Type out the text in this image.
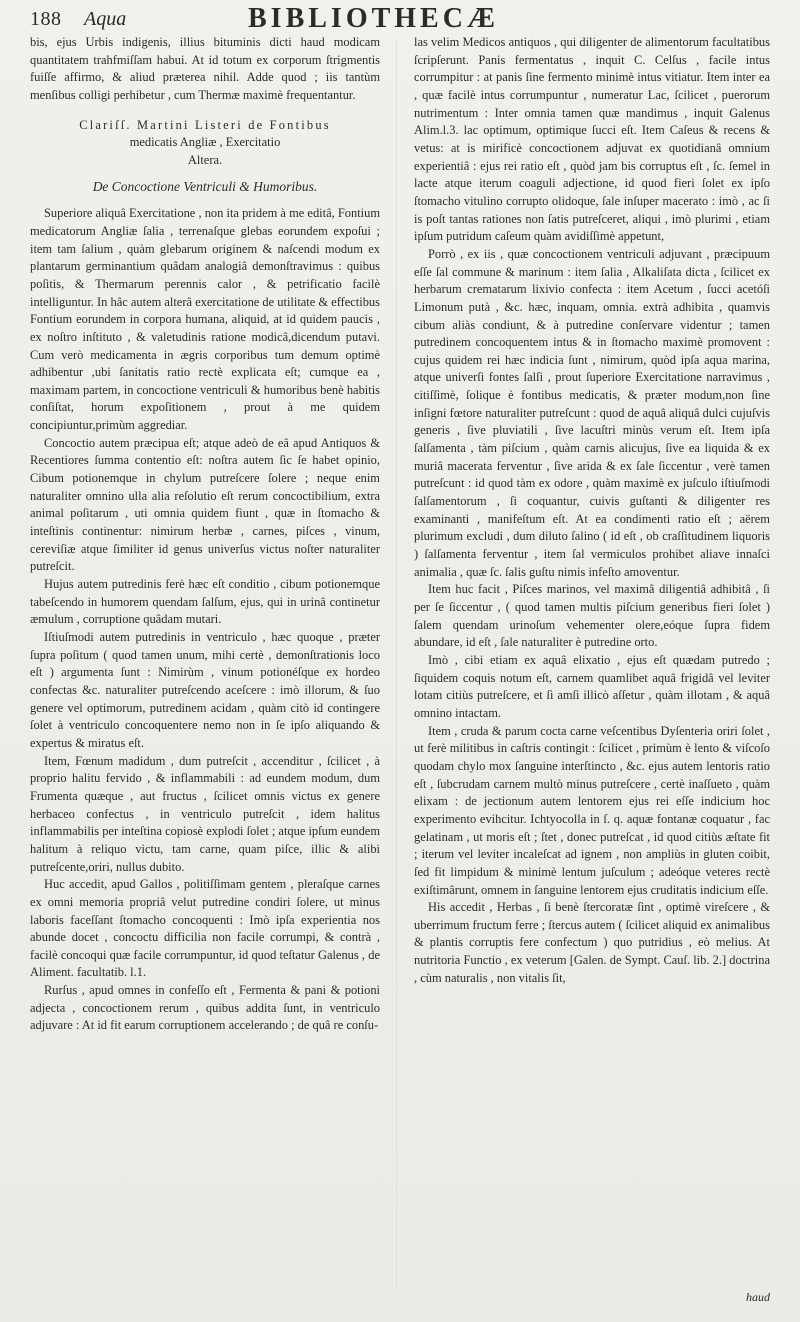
188 Aqua	BIBLIOTHECÆ

bis, ejus Urbis indigenis, illius bituminis dicti haud modicam quantitatem trahfmiſſam habui. At id totum ex corporum ſtrigmentis fuiſſe affirmo, & aliud præterea nihil. Adde quod ; iis tantùm menſibus colligi perhibetur , cum Thermæ maximè frequentantur.

Clariſſ. Martini Listeri de Fontibus

medicatis Angliæ , Exercitatio

Altera.

De Concoctione Ventriculi & Humoribus.

Superiore aliquâ Exercitatione , non ita pridem à me editâ, Fontium medicatorum Angliæ ſalia , terrenaſque glebas eorundem expoſui ; item tam ſalium , quàm glebarum originem & naſcendi modum ex plantarum germinantium quâdam analogiâ demonſtravimus : quibus poſitis, & Thermarum perennis calor , & petrificatio facilè intelliguntur. In hâc autem alterâ exercitatione de utilitate & effectibus Fontium eorundem in corpora humana, aliquid, at id quidem paucis , ex noſtro inſtituto , & valetudinis ratione modicâ,dicendum putavi. Cum verò medicamenta in ægris corporibus tum demum optimè adhibentur ,ubi ſanitatis ratio rectè explicata eſt; cumque ea , maximam partem, in concoctione ventriculi & humoribus benè habitis conſiſtat, horum expoſitionem , prout à me quidem concipiuntur,primùm aggrediar.

Concoctio autem præcipua eſt; atque adeò de eâ apud Antiquos & Recentiores ſumma contentio eſt: noſtra autem ſic ſe habet opinio, Cibum potionemque in chylum putreſcere ſolere ; neque enim naturaliter omnino ulla alia reſolutio eſt rerum concoctibilium, extra animal poſitarum , uti omnia quidem fiunt , quæ in ſtomacho & inteſtinis continentur: nimirum herbæ , carnes, piſces , vinum, cereviſiæ atque ſimiliter id genus univerſus victus noſter naturaliter putreſcit.

Hujus autem putredinis ferè hæc eſt conditio , cibum potionemque tabeſcendo in humorem quendam ſalſum, ejus, qui in urinâ continetur æmulum , corruptione quâdam mutari.

Iſtiuſmodi autem putredinis in ventriculo , hæc quoque , præter ſupra poſitum ( quod tamen unum, mihi certè , demonſtrationis loco eſt ) argumenta ſunt : Nimirùm , vinum potionéſque ex hordeo confectas &c. naturaliter putreſcendo aceſcere : imò illorum, & ſuo genere vel optimorum, putredinem acidam , quàm citò id contingere ſolet à ventriculo concoquentere nemo non in ſe ipſo aliquando & expertus & miratus eſt.

Item, Fœnum madidum , dum putreſcit , accenditur , ſcilicet , à proprio halitu fervido , & inflammabili : ad eundem modum, dum Frumenta quæque , aut fructus , ſcilicet omnis victus ex genere herbaceo confectus , in ventriculo putreſcit , idem halitus inflammabilis per inteſtina copiosè explodi ſolet ; atque ipſum eundem halitum à reliquo victu, tam carne, quam piſce, illic & alibi putreſcente,oriri, nullus dubito.

Huc accedit, apud Gallos , politiſſimam gentem , pleraſque carnes ex omni memoria propriâ velut putredine condiri ſolere, ut minus laboris faceſſant ſtomacho concoquenti : Imò ipſa experientia nos abunde docet , concoctu difficilia non facile corrumpi, & contrà , facilè concoqui quæ facile corrumpuntur, id quod teſtatur Galenus , de Aliment. facultatib. l.1.

Rurſus , apud omnes in confeſſo eſt , Fermenta & pani & potioni adjecta , concoctionem rerum , quibus addita ſunt, in ventriculo adjuvare : At id fit earum corruptionem accelerando ; de quâ re conſu-

las velim Medicos antiquos , qui diligenter de alimentorum facultatibus ſcripſerunt. Panis fermentatus , inquit C. Celſus , facile intus corrumpitur : at panis ſine fermento minimè intus vitiatur. Item inter ea , quæ facilè intus corrumpuntur , numeratur Lac, ſcilicet , puerorum nutrimentum : Inter omnia tamen quæ mandimus , inquit Galenus Alim.l.3. lac optimum, optimique ſucci eſt. Item Caſeus & recens & vetus: at is mirificè concoctionem adjuvat ex quotidianâ omnium experientiâ : ejus rei ratio eſt , quòd jam bis corruptus eſt , ſc. ſemel in lacte atque iterum coaguli adjectione, id quod fieri ſolet ex ipſo ſtomacho vitulino corrupto olidoque, ſale inſuper macerato : imò , ac ſi is poſt tantas rationes non ſatis putreſceret, aliqui , imò plurimi , etiam ipſum putridum caſeum quàm avidiſſimè appetunt,

Porrò , ex iis , quæ concoctionem ventriculi adjuvant , præcipuum eſſe ſal commune & marinum : item ſalia , Alkaliſata dicta , ſcilicet ex herbarum crematarum lixivio confecta : item Acetum , ſucci acetóſi Limonum putà , &c. hæc, inquam, omnia. extrà adhibita , quamvis cibum aliàs condiunt, & à putredine conſervare videntur ; tamen putredinem concoquentem intus & in ſtomacho maximè promovent : cujus quidem rei hæc indicia ſunt , nimirum, quòd ipſa aqua marina, atque univerſi fontes ſalſi , prout ſuperiore Exercitatione narravimus , citiſſimè, ſolique è fontibus medicatis, & præter modum,non ſine inſigni fœtore naturaliter putreſcunt : quod de aquâ aliquâ dulci cujuſvis generis , ſive pluviatili , ſive lacuſtri minùs verum eſt. Item ipſa ſalſamenta , tàm piſcium , quàm carnis alicujus, ſive ea liquida & ex muriâ macerata ferventur , ſive arida & ex ſale ſiccentur , verè tamen putreſcunt : id quod tàm ex odore , quàm maximè ex juſculo iſtiuſmodi ſalſamentorum , ſi coquantur, cuivis guſtanti & diligenter res examinanti , manifeſtum eſt. At ea condimenti ratio eſt ; aërem plurimum excludi , dum diluto ſalino ( id eſt , ob craſſitudinem liquoris ) ſalſamenta ferventur , item ſal vermiculos prohibet aliave innaſci animalia , quæ ſc. ſalis guſtu nimis infeſto amoventur.

Item huc facit , Piſces marinos, vel maximâ diligentiâ adhibitâ , ſi per ſe ſiccentur , ( quod tamen multis piſcium generibus fieri ſolet ) ſalem quendam urinoſum vehementer olere,eóque ſupra fidem abundare, id eſt , ſale naturaliter è putredine orto.

Imò , cibi etiam ex aquâ elixatio , ejus eſt quædam putredo ; ſiquidem coquis notum eſt, carnem quamlibet aquâ frigidâ vel leviter lotam citiùs putreſcere, et ſi amſi illicò aſſetur , quàm illotam , & aquâ omnino intactam.

Item , cruda & parum cocta carne veſcentibus Dyſenteria oriri ſolet , ut ferè militibus in caſtris contingit : ſcilicet , primùm è lento & viſcoſo quodam chylo mox ſanguine interſtincto , &c. ejus autem lentoris ratio eſt , ſubcrudam carnem multò minus putreſcere , certè inaſſueto , quàm elixam : de jectionum autem lentorem ejus rei eſſe indicium hoc experimento evihcitur. Ichtyocolla in ſ. q. aquæ fontanæ coquatur , fac gelatinam , ut moris eſt ; ſtet , donec putreſcat , id quod citiùs æſtate fit ; iterum vel leviter incaleſcat ad ignem , non ampliùs in gluten coibit, ſed fit limpidum & minimè lentum juſculum ; adeóque veteres rectè exiſtimârunt, omnem in ſanguine lentorem ejus cruditatis indicium eſſe.

His accedit , Herbas , ſi benè ſtercoratæ ſint , optimè vireſcere , & uberrimum fructum ferre ; ſtercus autem ( ſcilicet aliquid ex animalibus & plantis corruptis fere confectum ) quo putridius , eò melius. At nutritoria Functio , ex veterum [Galen. de Sympt. Cauſ. lib. 2.] doctrina , cùm naturalis , non vitalis ſit,

haud
